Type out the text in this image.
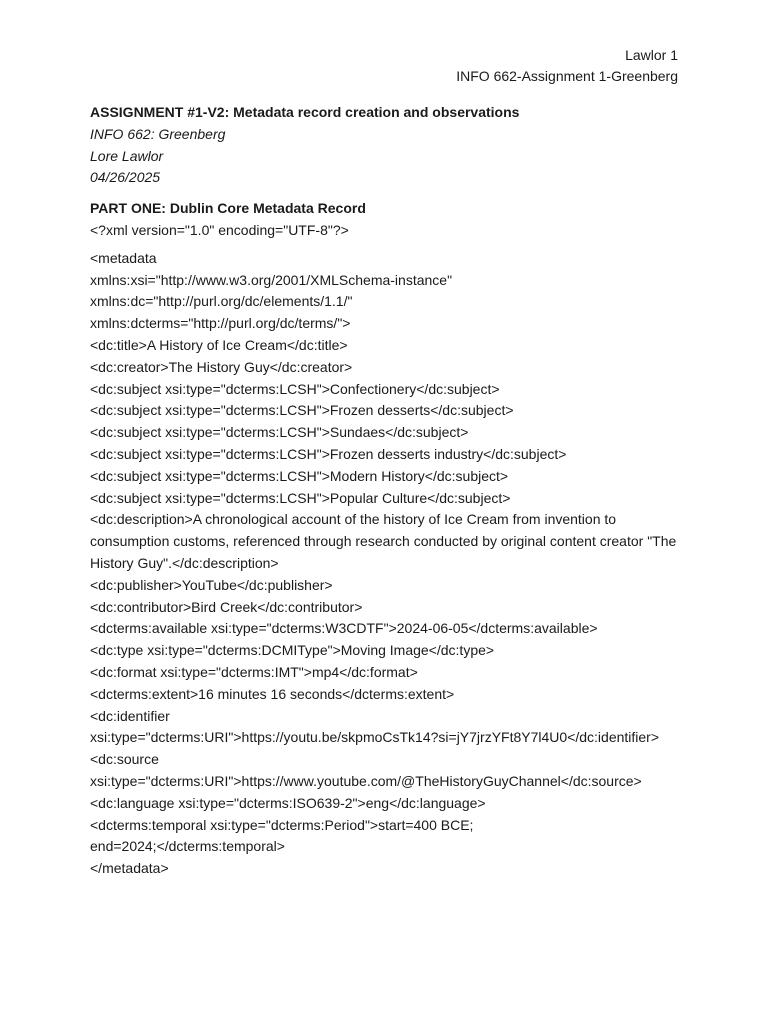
Lawlor 1
INFO 662-Assignment 1-Greenberg
ASSIGNMENT #1-V2: Metadata record creation and observations
INFO 662: Greenberg
Lore Lawlor
04/26/2025
PART ONE: Dublin Core Metadata Record
<?xml version="1.0" encoding="UTF-8"?>
<metadata
xmlns:xsi="http://www.w3.org/2001/XMLSchema-instance"
xmlns:dc="http://purl.org/dc/elements/1.1/"
xmlns:dcterms="http://purl.org/dc/terms/">
<dc:title>A History of Ice Cream</dc:title>
<dc:creator>The History Guy</dc:creator>
<dc:subject xsi:type="dcterms:LCSH">Confectionery</dc:subject>
<dc:subject xsi:type="dcterms:LCSH">Frozen desserts</dc:subject>
<dc:subject xsi:type="dcterms:LCSH">Sundaes</dc:subject>
<dc:subject xsi:type="dcterms:LCSH">Frozen desserts industry</dc:subject>
<dc:subject xsi:type="dcterms:LCSH">Modern History</dc:subject>
<dc:subject xsi:type="dcterms:LCSH">Popular Culture</dc:subject>
<dc:description>A chronological account of the history of Ice Cream from invention to consumption customs, referenced through research conducted by original content creator "The History Guy".</dc:description>
<dc:publisher>YouTube</dc:publisher>
<dc:contributor>Bird Creek</dc:contributor>
<dcterms:available xsi:type="dcterms:W3CDTF">2024-06-05</dcterms:available>
<dc:type xsi:type="dcterms:DCMIType">Moving Image</dc:type>
<dc:format xsi:type="dcterms:IMT">mp4</dc:format>
<dcterms:extent>16 minutes 16 seconds</dcterms:extent>
<dc:identifier
xsi:type="dcterms:URI">https://youtu.be/skpmoCsTk14?si=jY7jrzYFt8Y7l4U0</dc:identifier>
<dc:source
xsi:type="dcterms:URI">https://www.youtube.com/@TheHistoryGuyChannel</dc:source>
<dc:language xsi:type="dcterms:ISO639-2">eng</dc:language>
<dcterms:temporal xsi:type="dcterms:Period">start=400 BCE;
end=2024;</dcterms:temporal>
</metadata>
